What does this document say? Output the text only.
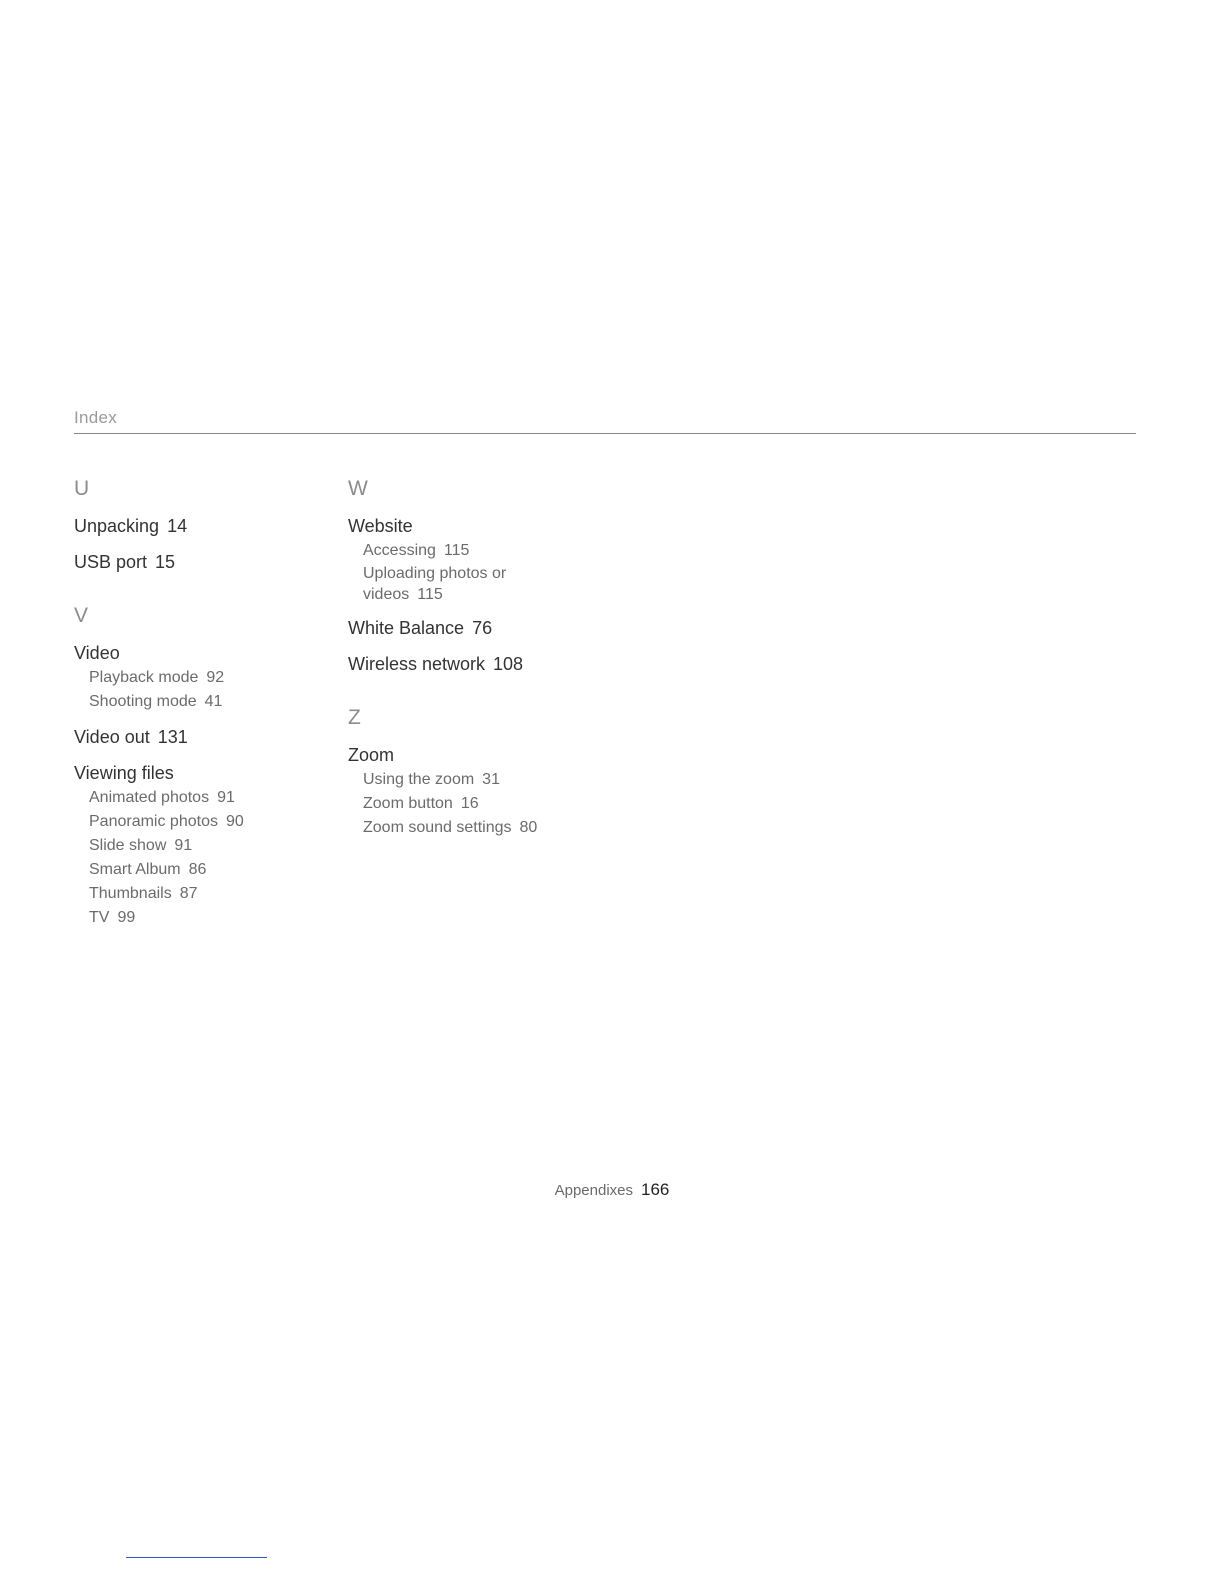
Index
U
Unpacking 14
USB port 15
V
Video
Playback mode 92
Shooting mode 41
Video out 131
Viewing files
Animated photos 91
Panoramic photos 90
Slide show 91
Smart Album 86
Thumbnails 87
TV 99
W
Website
Accessing 115
Uploading photos or videos 115
White Balance 76
Wireless network 108
Z
Zoom
Using the zoom 31
Zoom button 16
Zoom sound settings 80
Appendixes 166
